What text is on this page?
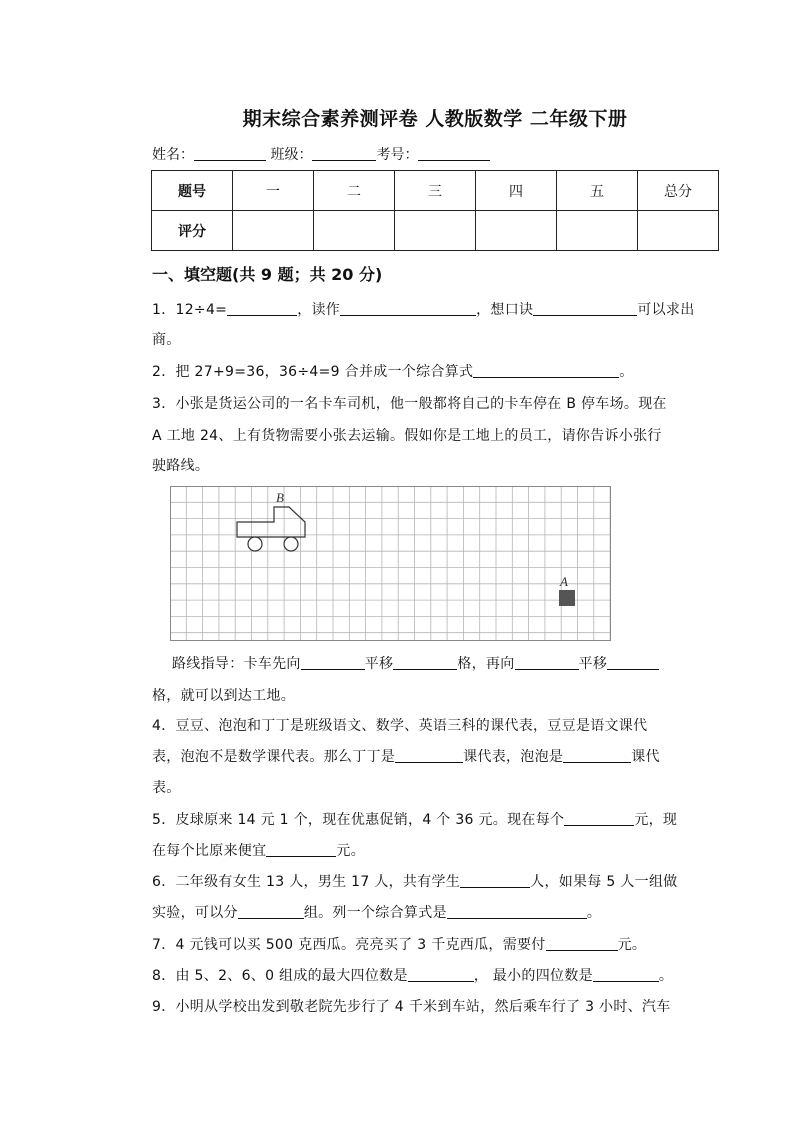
期末综合素养测评卷 人教版数学 二年级下册
姓名：	班级：	考号：
题号	一	二	三	四	五	总分
评分						
一、填空题(共 9 题；共 20 分)
1．12÷4=	，读作	，想口诀	可以求出
商。
2．把 27+9=36，36÷4=9 合并成一个综合算式	。
3．小张是货运公司的一名卡车司机，他一般都将自己的卡车停在 B 停车场。现在
A 工地 24、上有货物需要小张去运输。假如你是工地上的员工，请你告诉小张行
驶路线。
B
A
路线指导：卡车先向	平移	格，再向	平移
格，就可以到达工地。
4．豆豆、泡泡和丁丁是班级语文、数学、英语三科的课代表，豆豆是语文课代
表，泡泡不是数学课代表。那么丁丁是	课代表，泡泡是	课代
表。
5．皮球原来 14 元 1 个，现在优惠促销，4 个 36 元。现在每个	元，现
在每个比原来便宜	元。
6．二年级有女生 13 人，男生 17 人，共有学生	人，如果每 5 人一组做
实验，可以分	组。列一个综合算式是	。
7．4 元钱可以买 500 克西瓜。亮亮买了 3 千克西瓜，需要付	元。
8．由 5、2、6、0 组成的最大四位数是	， 最小的四位数是	。
9．小明从学校出发到敬老院先步行了 4 千米到车站，然后乘车行了 3 小时、汽车
